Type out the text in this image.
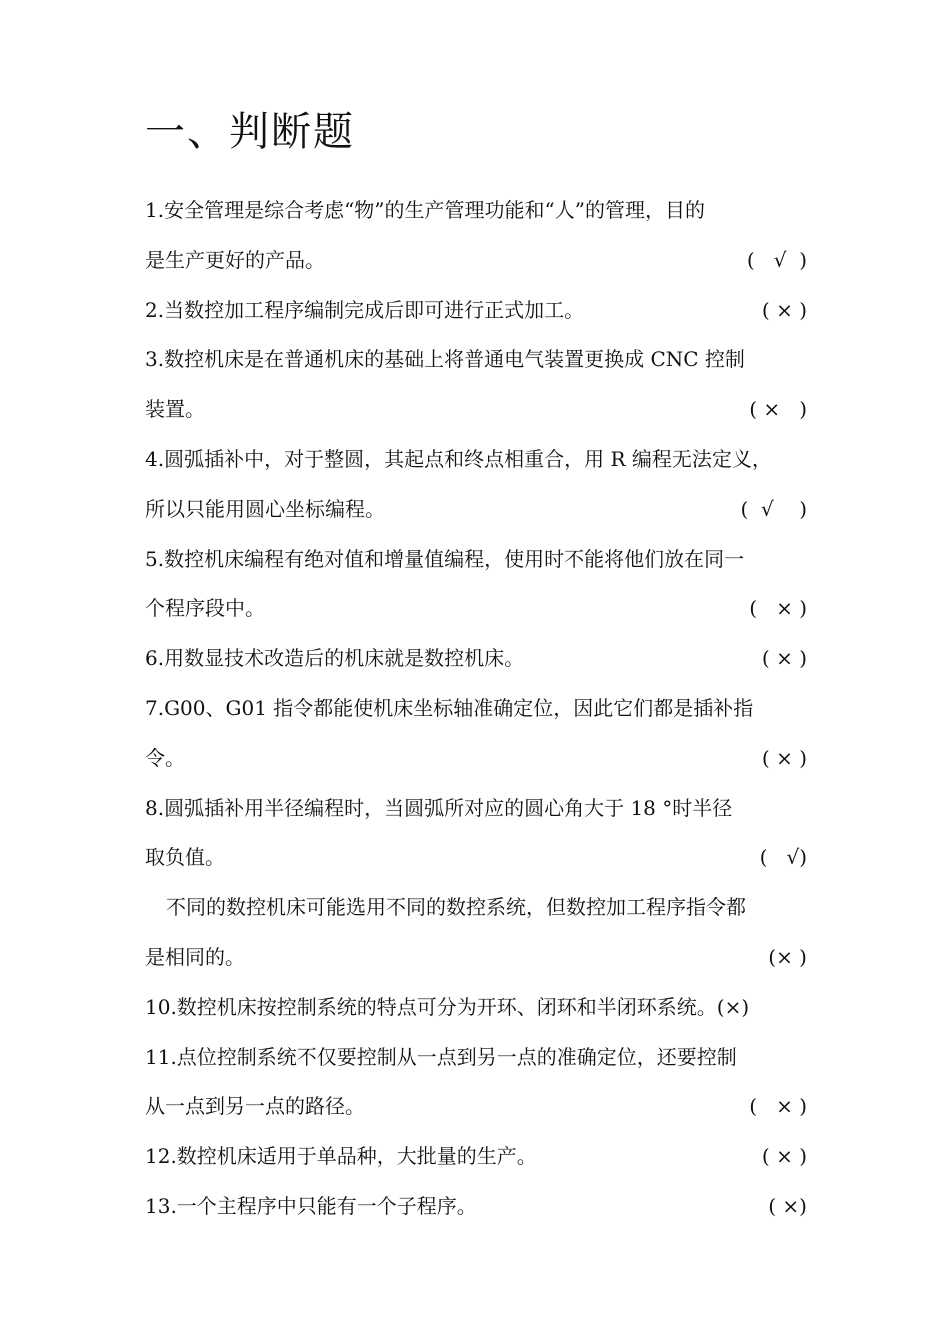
一、判断题
1.安全管理是综合考虑“物”的生产管理功能和“人”的管理，目的
是生产更好的产品。	(   √  )
2.当数控加工程序编制完成后即可进行正式加工。	( × )
3.数控机床是在普通机床的基础上将普通电气装置更换成 CNC 控制
装置。	( ×   )
4.圆弧插补中，对于整圆，其起点和终点相重合，用 R 编程无法定义，
所以只能用圆心坐标编程。	(  √    )
5.数控机床编程有绝对值和增量值编程，使用时不能将他们放在同一
个程序段中。	(   × )
6.用数显技术改造后的机床就是数控机床。	( × )
7.G00、G01 指令都能使机床坐标轴准确定位，因此它们都是插补指
令。	( × )
8.圆弧插补用半径编程时，当圆弧所对应的圆心角大于 18 °时半径
取负值。	(   √)
不同的数控机床可能选用不同的数控系统，但数控加工程序指令都
是相同的。	(× )
10.数控机床按控制系统的特点可分为开环、闭环和半闭环系统。(×)
11.点位控制系统不仅要控制从一点到另一点的准确定位，还要控制
从一点到另一点的路径。	(   × )
12.数控机床适用于单品种，大批量的生产。	( × )
13.一个主程序中只能有一个子程序。	( ×)
